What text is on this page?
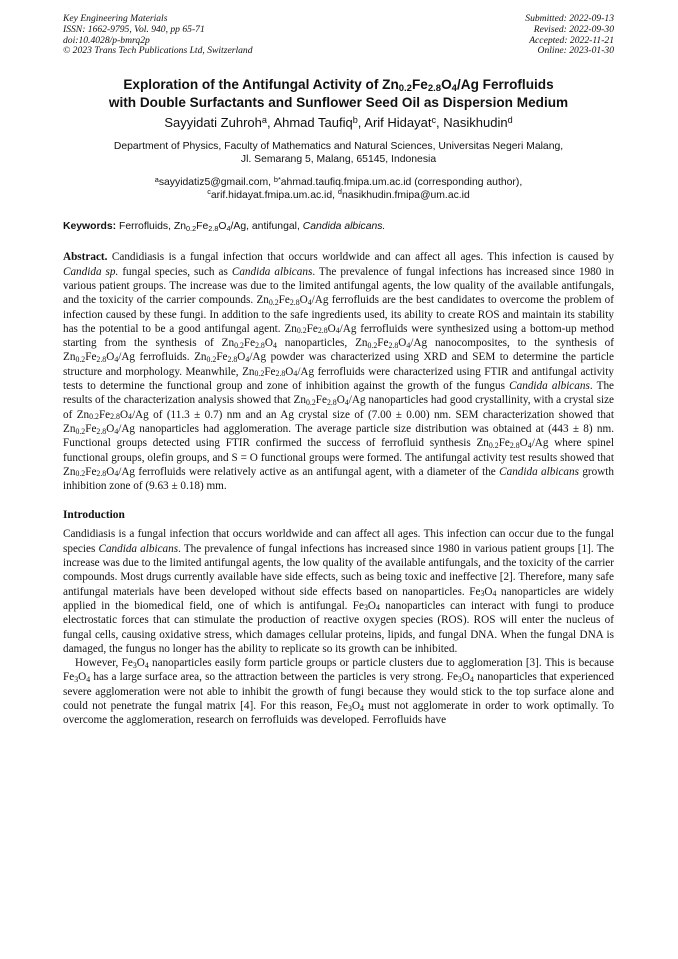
Key Engineering Materials
ISSN: 1662-9795, Vol. 940, pp 65-71
doi:10.4028/p-bmrq2p
© 2023 Trans Tech Publications Ltd, Switzerland
Submitted: 2022-09-13
Revised: 2022-09-30
Accepted: 2022-11-21
Online: 2023-01-30
Exploration of the Antifungal Activity of $Zn_{0.2}Fe_{2.8}O_4/Ag$ Ferrofluids
with Double Surfactants and Sunflower Seed Oil as Dispersion Medium
Sayyidati Zuhroh$^a$, Ahmad Taufiq$^b$, Arif Hidayat$^c$, Nasikhudin$^d$
Department of Physics, Faculty of Mathematics and Natural Sciences, Universitas Negeri Malang,
Jl. Semarang 5, Malang, 65145, Indonesia
$^a$sayyidatiz5@gmail.com, $^{b*}$ahmad.taufiq.fmipa.um.ac.id (corresponding author),
$^c$arif.hidayat.fmipa.um.ac.id, $^d$nasikhudin.fmipa@um.ac.id
Keywords: Ferrofluids, $Zn_{0.2}Fe_{2.8}O_4/Ag$, antifungal, Candida albicans.
Abstract. Candidiasis is a fungal infection that occurs worldwide and can affect all ages. This infection is caused by Candida sp. fungal species, such as Candida albicans. The prevalence of fungal infections has increased since 1980 in various patient groups. The increase was due to the limited antifungal agents, the low quality of the available antifungals, and the toxicity of the carrier compounds. $Zn_{0.2}Fe_{2.8}O_4/Ag$ ferrofluids are the best candidates to overcome the problem of infection caused by these fungi. In addition to the safe ingredients used, its ability to create ROS and maintain its stability has the potential to be a good antifungal agent. $Zn_{0.2}Fe_{2.8}O_4/Ag$ ferrofluids were synthesized using a bottom-up method starting from the synthesis of $Zn_{0.2}Fe_{2.8}O_4$ nanoparticles, $Zn_{0.2}Fe_{2.8}O_4/Ag$ nanocomposites, to the synthesis of $Zn_{0.2}Fe_{2.8}O_4/Ag$ ferrofluids. $Zn_{0.2}Fe_{2.8}O_4/Ag$ powder was characterized using XRD and SEM to determine the particle structure and morphology. Meanwhile, $Zn_{0.2}Fe_{2.8}O_4/Ag$ ferrofluids were characterized using FTIR and antifungal activity tests to determine the functional group and zone of inhibition against the growth of the fungus Candida albicans. The results of the characterization analysis showed that $Zn_{0.2}Fe_{2.8}O_4/Ag$ nanoparticles had good crystallinity, with a crystal size of $Zn_{0.2}Fe_{2.8}O_4/Ag$ of (11.3 ± 0.7) nm and an Ag crystal size of (7.00 ± 0.00) nm. SEM characterization showed that $Zn_{0.2}Fe_{2.8}O_4/Ag$ nanoparticles had agglomeration. The average particle size distribution was obtained at (443 ± 8) nm. Functional groups detected using FTIR confirmed the success of ferrofluid synthesis $Zn_{0.2}Fe_{2.8}O_4/Ag$ where spinel functional groups, olefin groups, and S = O functional groups were formed. The antifungal activity test results showed that $Zn_{0.2}Fe_{2.8}O_4/Ag$ ferrofluids were relatively active as an antifungal agent, with a diameter of the Candida albicans growth inhibition zone of (9.63 ± 0.18) mm.
Introduction
Candidiasis is a fungal infection that occurs worldwide and can affect all ages. This infection can occur due to the fungal species Candida albicans. The prevalence of fungal infections has increased since 1980 in various patient groups [1]. The increase was due to the limited antifungal agents, the low quality of the available antifungals, and the toxicity of the carrier compounds. Most drugs currently available have side effects, such as being toxic and ineffective [2]. Therefore, many safe antifungal materials have been developed without side effects based on nanoparticles. $Fe_3O_4$ nanoparticles are widely applied in the biomedical field, one of which is antifungal. $Fe_3O_4$ nanoparticles can interact with fungi to produce electrostatic forces that can stimulate the production of reactive oxygen species (ROS). ROS will enter the nucleus of fungal cells, causing oxidative stress, which damages cellular proteins, lipids, and fungal DNA. When the fungal DNA is damaged, the fungus no longer has the ability to replicate so its growth can be inhibited.
However, $Fe_3O_4$ nanoparticles easily form particle groups or particle clusters due to agglomeration [3]. This is because $Fe_3O_4$ has a large surface area, so the attraction between the particles is very strong. $Fe_3O_4$ nanoparticles that experienced severe agglomeration were not able to inhibit the growth of fungi because they would stick to the top surface alone and could not penetrate the fungal matrix [4]. For this reason, $Fe_3O_4$ must not agglomerate in order to work optimally. To overcome the agglomeration, research on ferrofluids was developed. Ferrofluids have
